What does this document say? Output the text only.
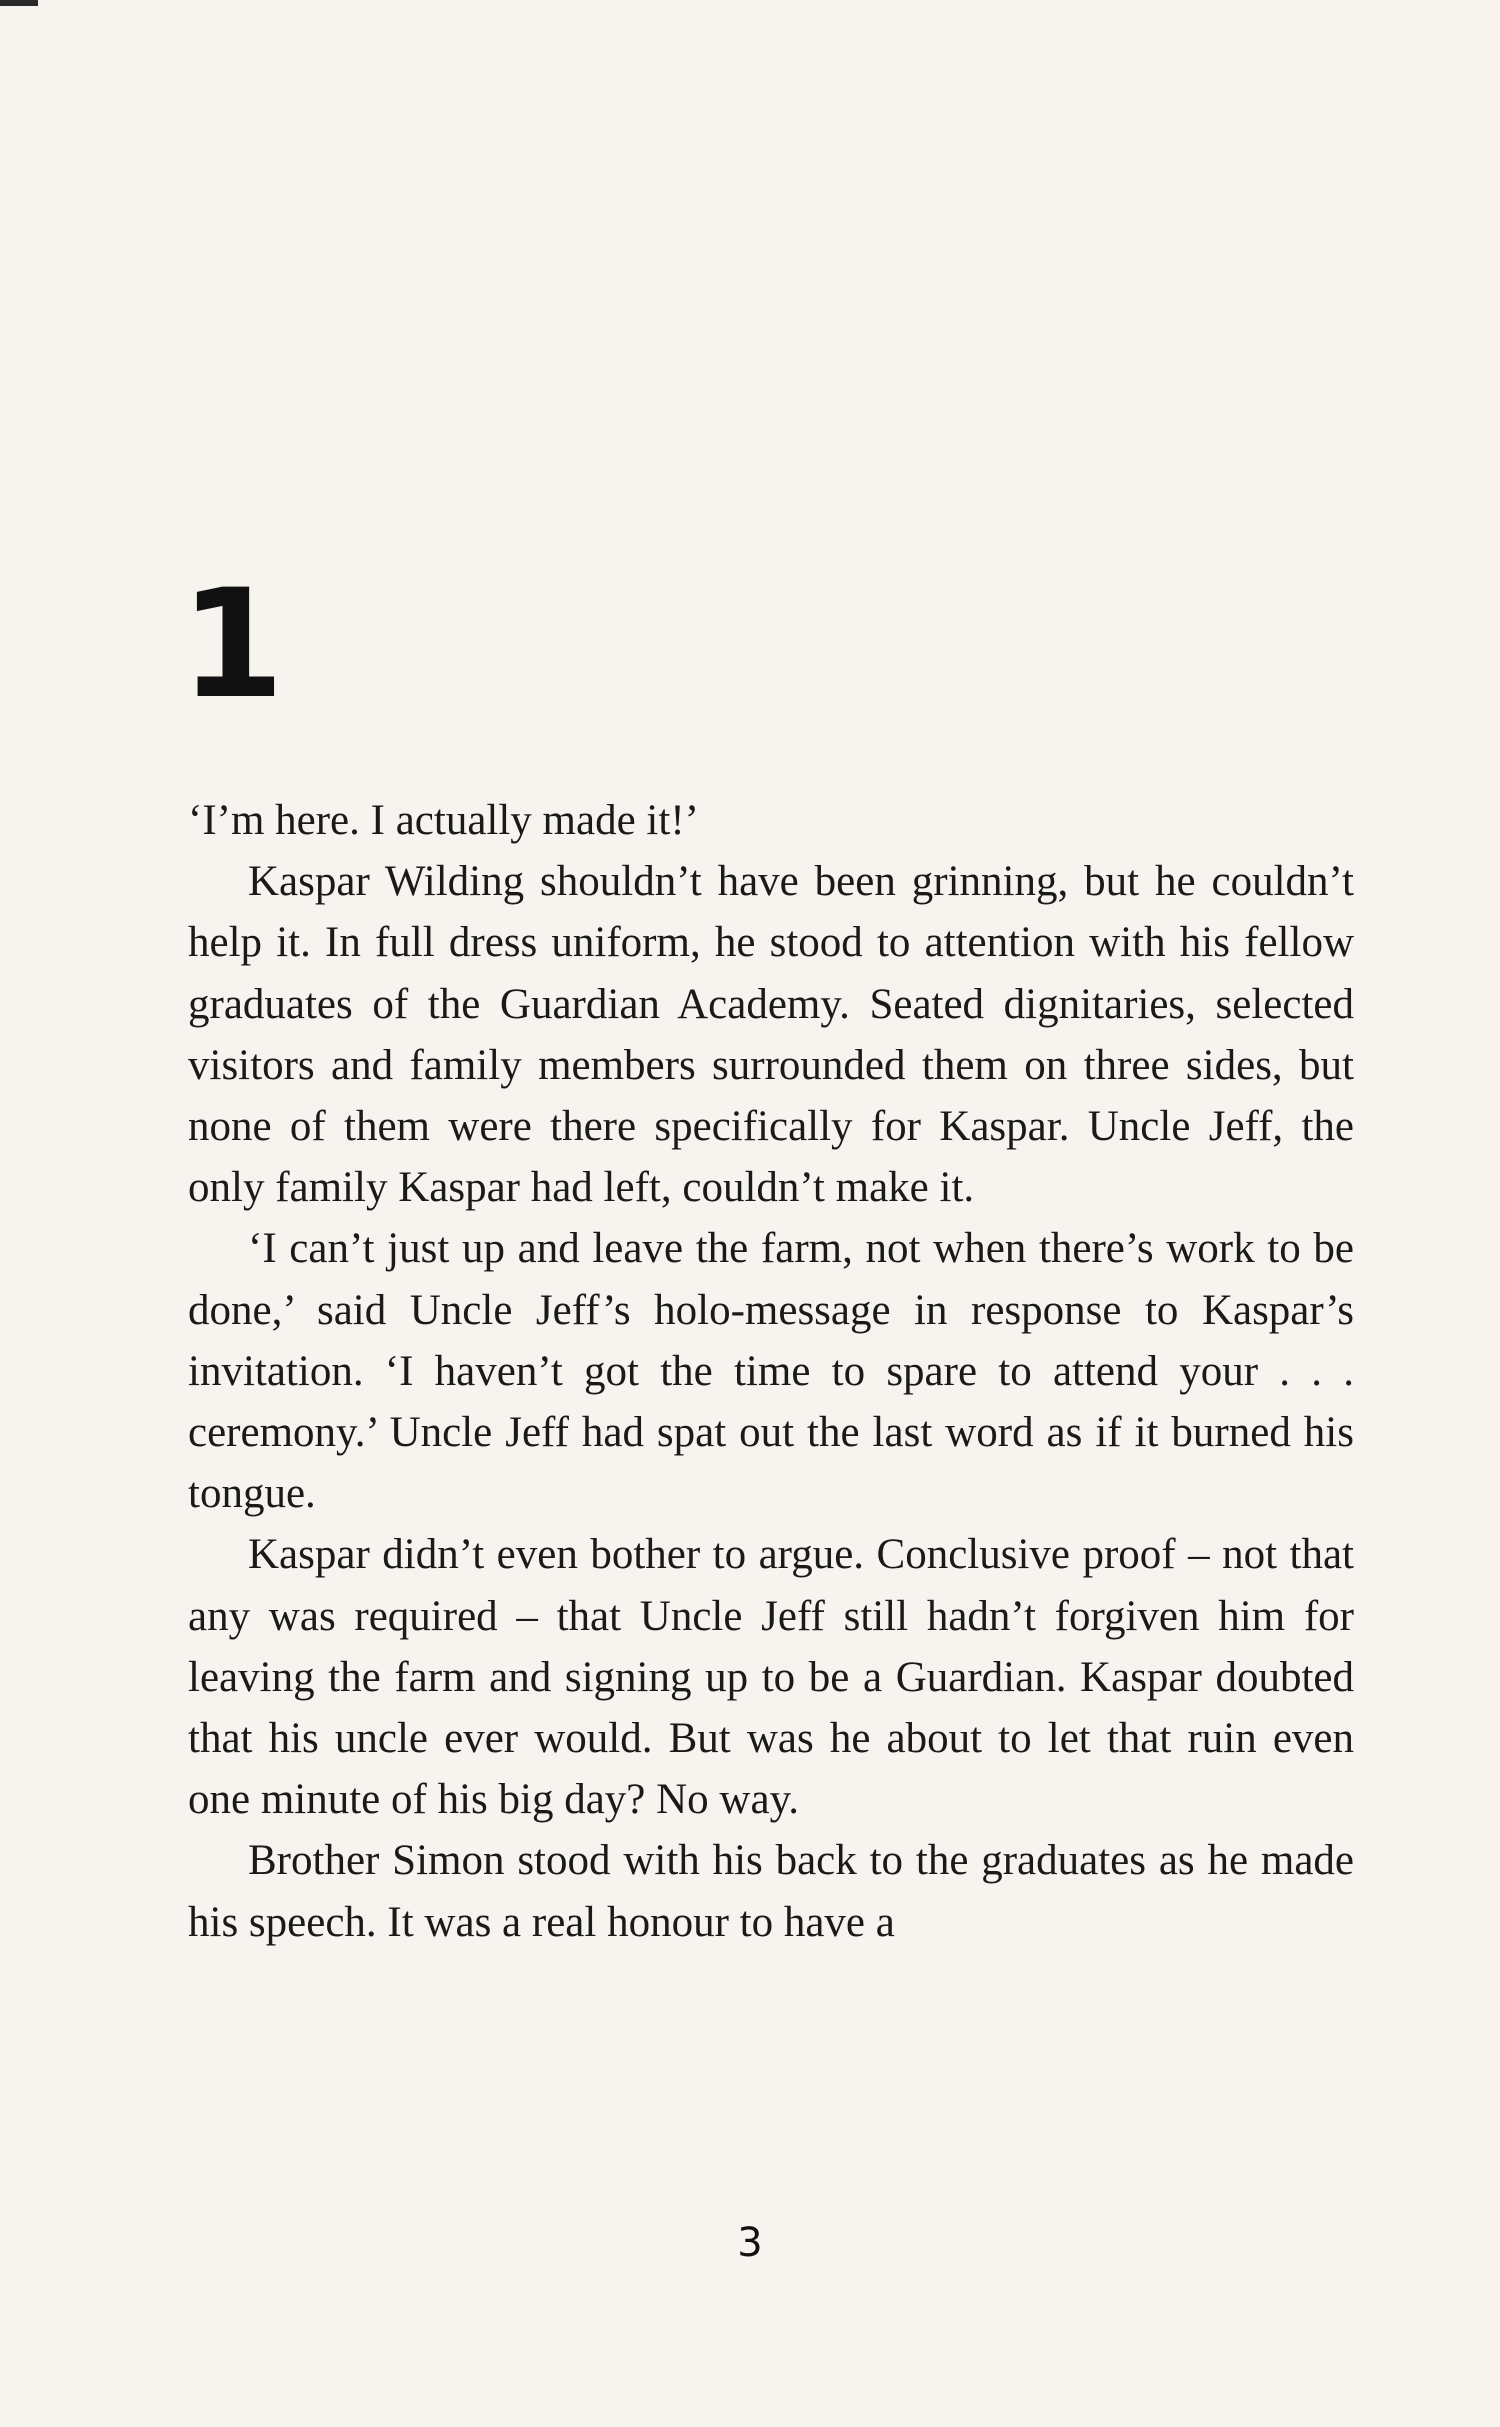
1

‘I’m here. I actually made it!’

Kaspar Wilding shouldn’t have been grinning, but he couldn’t help it. In full dress uniform, he stood to attention with his fellow graduates of the Guardian Academy. Seated dignitaries, selected visitors and family members surrounded them on three sides, but none of them were there specifically for Kaspar. Uncle Jeff, the only family Kaspar had left, couldn’t make it.

‘I can’t just up and leave the farm, not when there’s work to be done,’ said Uncle Jeff’s holo-message in response to Kaspar’s invitation. ‘I haven’t got the time to spare to attend your . . . ceremony.’ Uncle Jeff had spat out the last word as if it burned his tongue.

Kaspar didn’t even bother to argue. Conclusive proof – not that any was required – that Uncle Jeff still hadn’t forgiven him for leaving the farm and signing up to be a Guardian. Kaspar doubted that his uncle ever would. But was he about to let that ruin even one minute of his big day? No way.

Brother Simon stood with his back to the graduates as he made his speech. It was a real honour to have a

3
